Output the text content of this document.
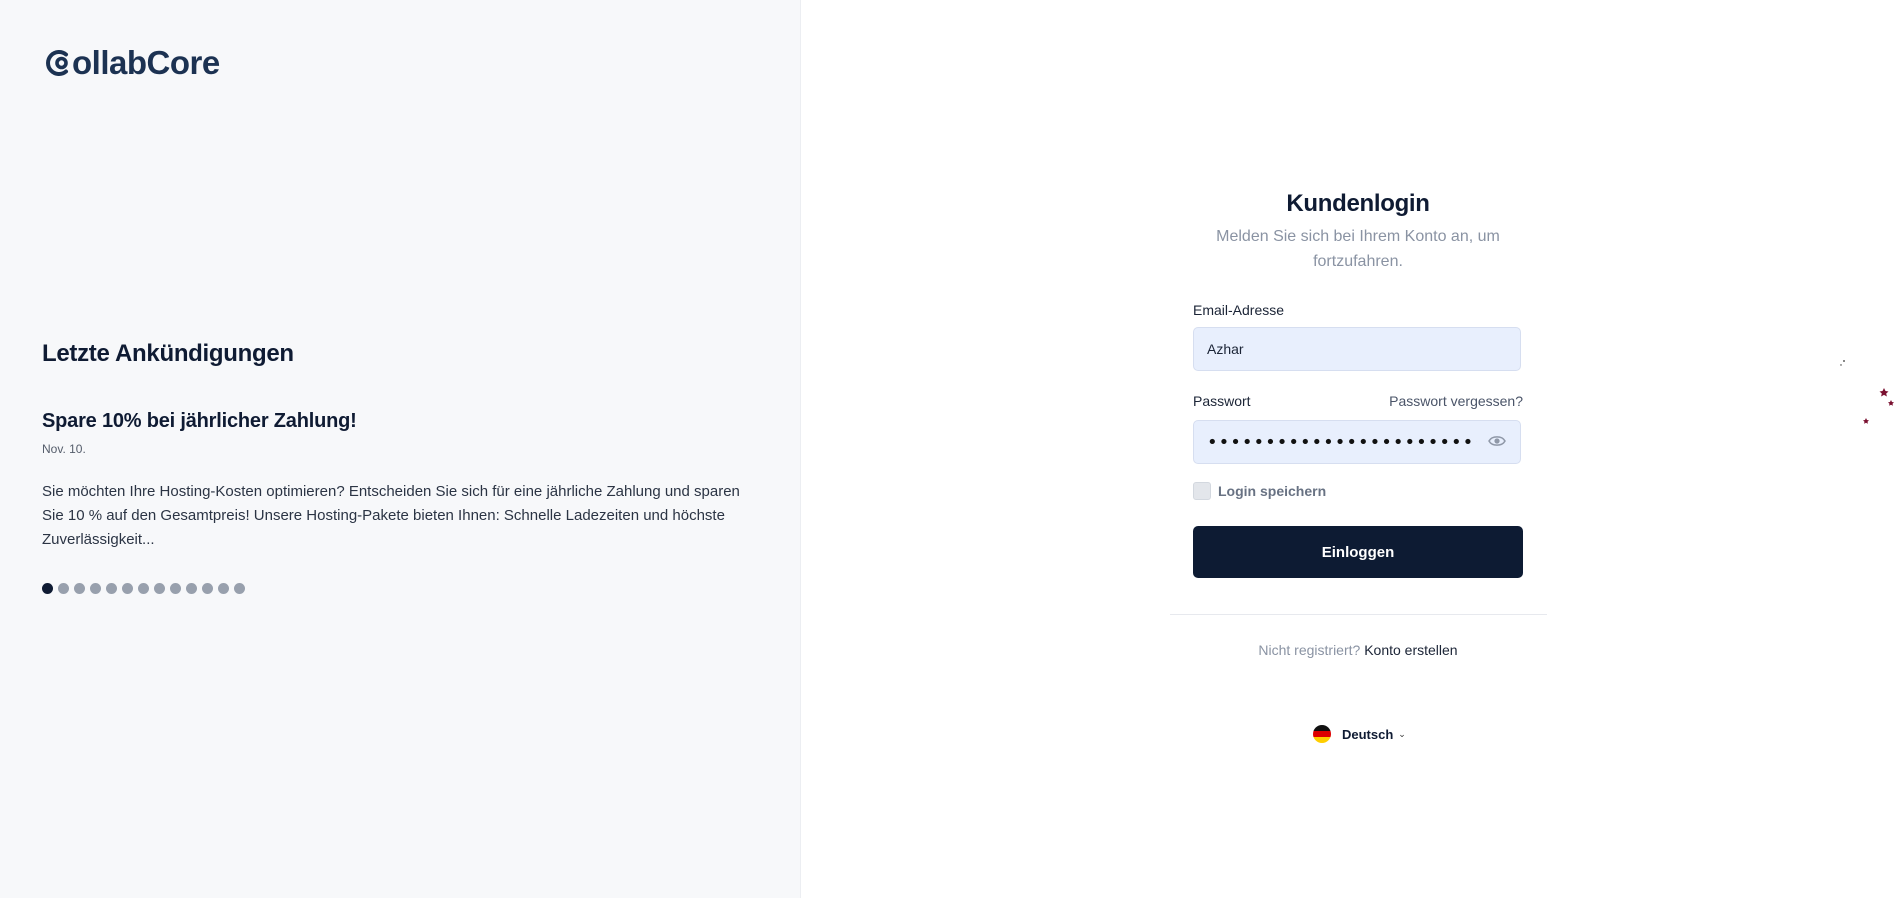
ollabCore
Letzte Ankündigungen
Spare 10% bei jährlicher Zahlung!
Nov. 10.
Sie möchten Ihre Hosting-Kosten optimieren? Entscheiden Sie sich für eine jährliche Zahlung und sparen Sie 10 % auf den Gesamtpreis! Unsere Hosting-Pakete bieten Ihnen: Schnelle Ladezeiten und höchste Zuverlässigkeit...
Kundenlogin
Melden Sie sich bei Ihrem Konto an, um fortzufahren.
Email-Adresse
Azhar
Passwort	Passwort vergessen?
••••••••••••••••••••••••
Login speichern
Einloggen
Nicht registriert? Konto erstellen
Deutsch ⌄
